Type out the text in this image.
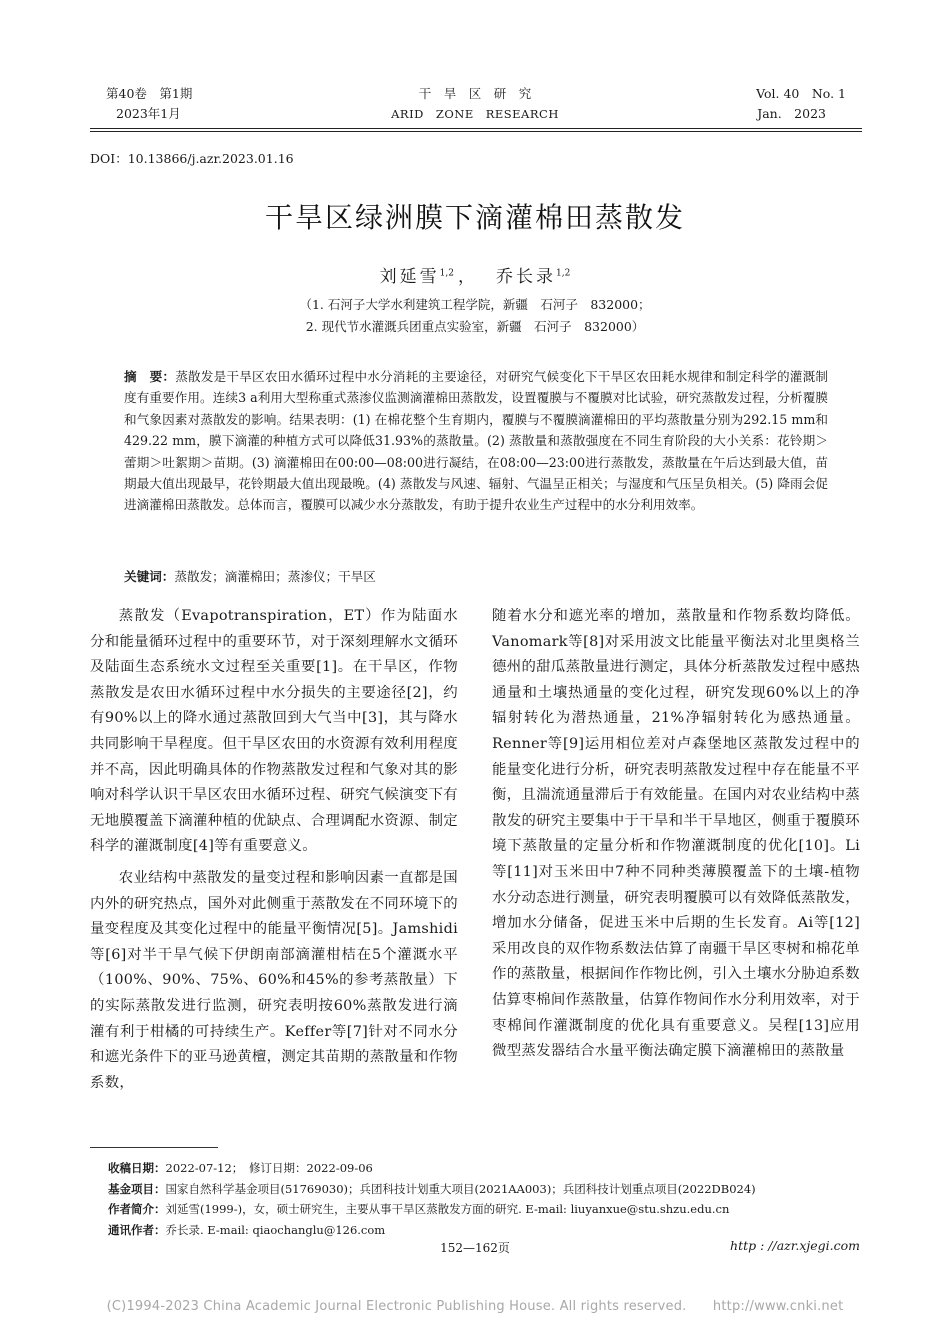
第40卷　第1期
2023年1月
干　旱　区　研　究
ARID　ZONE　RESEARCH
Vol. 40　No. 1
Jan.　2023
DOI：10.13866/j.azr.2023.01.16
干旱区绿洲膜下滴灌棉田蒸散发
刘延雪$^{1,2}$ ， 乔长录$^{1,2}$
（1. 石河子大学水利建筑工程学院，新疆　石河子　832000；
2. 现代节水灌溉兵团重点实验室，新疆　石河子　832000）
摘　要：蒸散发是干旱区农田水循环过程中水分消耗的主要途径，对研究气候变化下干旱区农田耗水规律和制定科学的灌溉制度有重要作用。连续3 a利用大型称重式蒸渗仪监测滴灌棉田蒸散发，设置覆膜与不覆膜对比试验，研究蒸散发过程，分析覆膜和气象因素对蒸散发的影响。结果表明：(1) 在棉花整个生育期内，覆膜与不覆膜滴灌棉田的平均蒸散量分别为292.15 mm和429.22 mm，膜下滴灌的种植方式可以降低31.93%的蒸散量。(2) 蒸散量和蒸散强度在不同生育阶段的大小关系：花铃期＞蕾期＞吐絮期＞苗期。(3) 滴灌棉田在00:00—08:00进行凝结，在08:00—23:00进行蒸散发，蒸散量在午后达到最大值，苗期最大值出现最早，花铃期最大值出现最晚。(4) 蒸散发与风速、辐射、气温呈正相关；与湿度和气压呈负相关。(5) 降雨会促进滴灌棉田蒸散发。总体而言，覆膜可以减少水分蒸散发，有助于提升农业生产过程中的水分利用效率。
关键词：蒸散发；滴灌棉田；蒸渗仪；干旱区

蒸散发（Evapotranspiration，ET）作为陆面水分和能量循环过程中的重要环节，对于深刻理解水文循环及陆面生态系统水文过程至关重要[1]。在干旱区，作物蒸散发是农田水循环过程中水分损失的主要途径[2]，约有90%以上的降水通过蒸散回到大气当中[3]，其与降水共同影响干旱程度。但干旱区农田的水资源有效利用程度并不高，因此明确具体的作物蒸散发过程和气象对其的影响对科学认识干旱区农田水循环过程、研究气候演变下有无地膜覆盖下滴灌种植的优缺点、合理调配水资源、制定科学的灌溉制度[4]等有重要意义。

农业结构中蒸散发的量变过程和影响因素一直都是国内外的研究热点，国外对此侧重于蒸散发在不同环境下的量变程度及其变化过程中的能量平衡情况[5]。Jamshidi 等[6]对半干旱气候下伊朗南部滴灌柑桔在5个灌溉水平（100%、90%、75%、60%和45%的参考蒸散量）下的实际蒸散发进行监测，研究表明按60%蒸散发进行滴灌有利于柑橘的可持续生产。Keffer等[7]针对不同水分和遮光条件下的亚马逊黄檀，测定其苗期的蒸散量和作物系数，

随着水分和遮光率的增加，蒸散量和作物系数均降低。Vanomark等[8]对采用波文比能量平衡法对北里奥格兰德州的甜瓜蒸散量进行测定，具体分析蒸散发过程中感热通量和土壤热通量的变化过程，研究发现60%以上的净辐射转化为潜热通量，21%净辐射转化为感热通量。Renner等[9]运用相位差对卢森堡地区蒸散发过程中的能量变化进行分析，研究表明蒸散发过程中存在能量不平衡，且湍流通量滞后于有效能量。在国内对农业结构中蒸散发的研究主要集中于干旱和半干旱地区，侧重于覆膜环境下蒸散量的定量分析和作物灌溉制度的优化[10]。Li等[11]对玉米田中7种不同种类薄膜覆盖下的土壤-植物水分动态进行测量，研究表明覆膜可以有效降低蒸散发，增加水分储备，促进玉米中后期的生长发育。Ai等[12]采用改良的双作物系数法估算了南疆干旱区枣树和棉花单作的蒸散量，根据间作作物比例，引入土壤水分胁迫系数估算枣棉间作蒸散量，估算作物间作水分利用效率，对于枣棉间作灌溉制度的优化具有重要意义。吴程[13]应用微型蒸发器结合水量平衡法确定膜下滴灌棉田的蒸散量

收稿日期：2022-07-12；　修订日期：2022-09-06
基金项目：国家自然科学基金项目(51769030)；兵团科技计划重大项目(2021AA003)；兵团科技计划重点项目(2022DB024)
作者简介：刘延雪(1999-)，女，硕士研究生，主要从事干旱区蒸散发方面的研究. E-mail: liuyanxue@stu.shzu.edu.cn
通讯作者：乔长录. E-mail: qiaochanglu@126.com
152—162页	http : //azr.xjegi.com
(C)1994-2023 China Academic Journal Electronic Publishing House. All rights reserved.　　http://www.cnki.net
